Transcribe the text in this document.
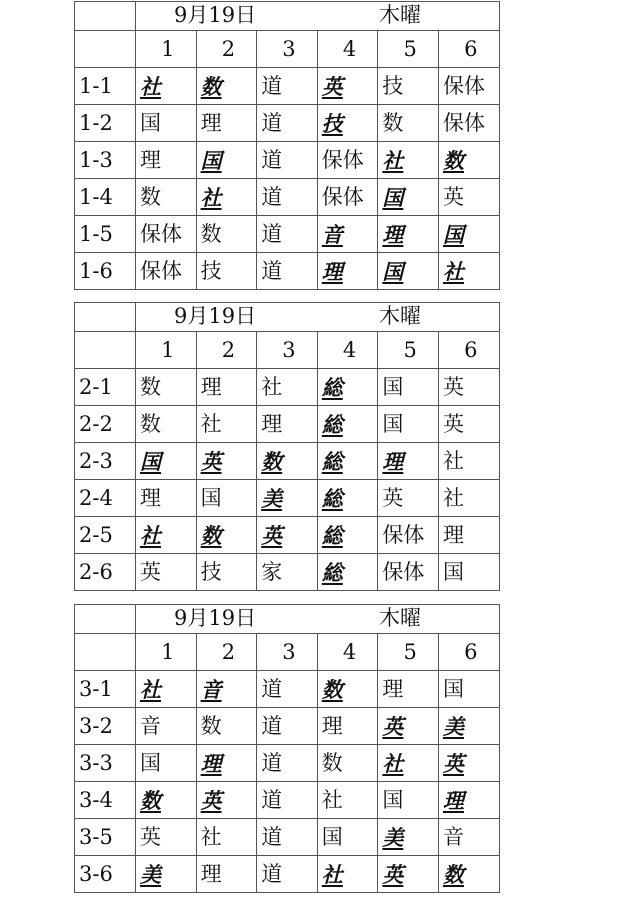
	9月19日 木曜					

	1	2	3	4	5	6
1-1	社	数	道	英	技	保体
1-2	国	理	道	技	数	保体
1-3	理	国	道	保体	社	数
1-4	数	社	道	保体	国	英
1-5	保体	数	道	音	理	国
1-6	保体	技	道	理	国	社

	9月19日 木曜					

	1	2	3	4	5	6
2-1	数	理	社	総	国	英
2-2	数	社	理	総	国	英
2-3	国	英	数	総	理	社
2-4	理	国	美	総	英	社
2-5	社	数	英	総	保体	理
2-6	英	技	家	総	保体	国

	9月19日 木曜					

	1	2	3	4	5	6
3-1	社	音	道	数	理	国
3-2	音	数	道	理	英	美
3-3	国	理	道	数	社	英
3-4	数	英	道	社	国	理
3-5	英	社	道	国	美	音
3-6	美	理	道	社	英	数
